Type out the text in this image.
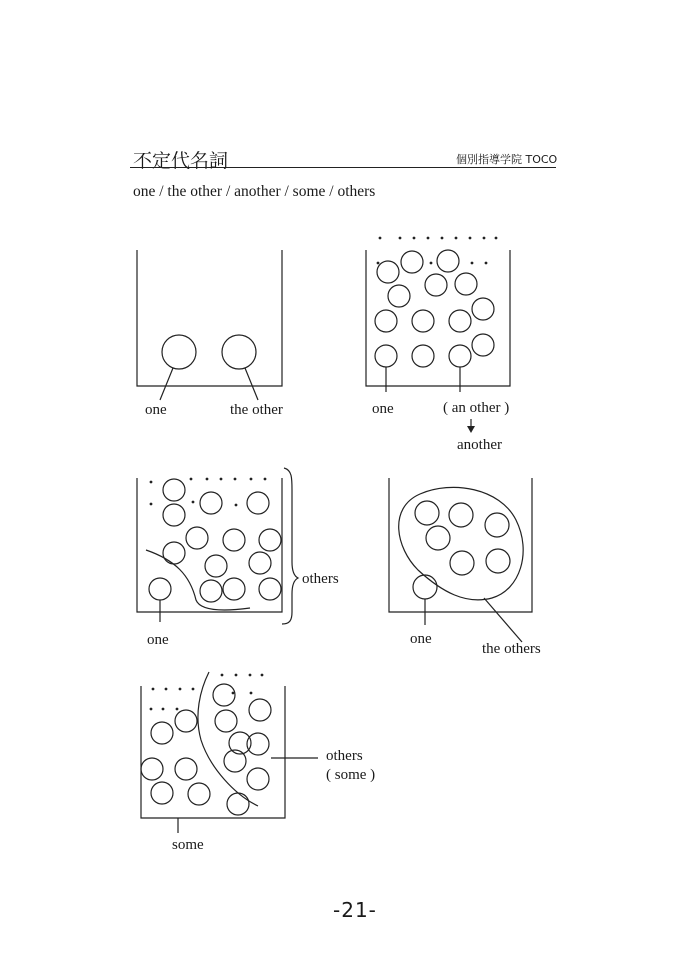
不定代名詞	個別指導学院 TOCO
one / the other / another / some / others
one	the other	one	( an other )
another
one
others
one
the others
others
( some )
some
-21-
